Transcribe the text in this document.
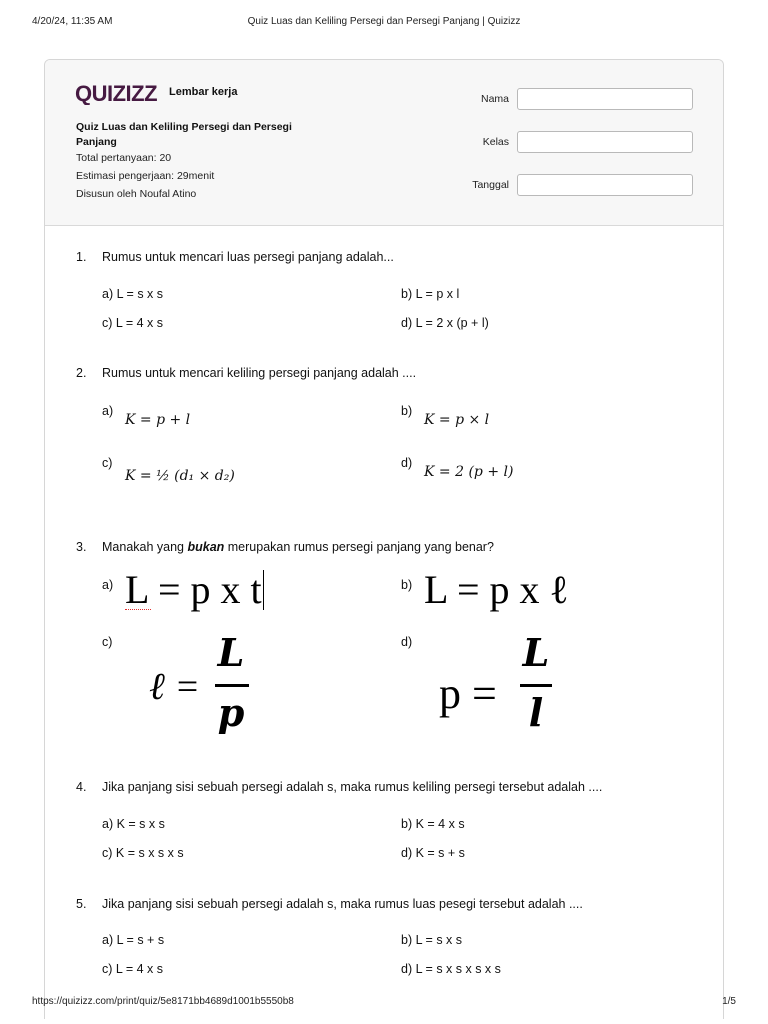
4/20/24, 11:35 AM	Quiz Luas dan Keliling Persegi dan Persegi Panjang | Quizizz
QUIZIZZ Lembar kerja
Quiz Luas dan Keliling Persegi dan Persegi Panjang
Total pertanyaan: 20
Estimasi pengerjaan: 29menit
Disusun oleh Noufal Atino
Nama
Kelas
Tanggal
1. Rumus untuk mencari luas persegi panjang adalah...
a) L = s x s	b) L = p x l
c) L = 4 x s	d) L = 2 x (p + l)
2. Rumus untuk mencari keliling persegi panjang adalah ....
a)
K = p + l
b)
K = p × l
c)
K = ½ (d₁ × d₂)
d)
K = 2 (p + l)
3. Manakah yang bukan merupakan rumus persegi panjang yang benar?
a) L = p x t	b) L = p x ℓ
c)
ℓ =
L
p
d)
p =
L
l
4. Jika panjang sisi sebuah persegi adalah s, maka rumus keliling persegi tersebut adalah ....
a) K = s x s	b) K = 4 x s
c) K = s x s x s	d) K = s + s
5. Jika panjang sisi sebuah persegi adalah s, maka rumus luas pesegi tersebut adalah ....
a) L = s + s	b) L = s x s
c) L = 4 x s	d) L = s x s x s x s
https://quizizz.com/print/quiz/5e8171bb4689d1001b5550b8	1/5
